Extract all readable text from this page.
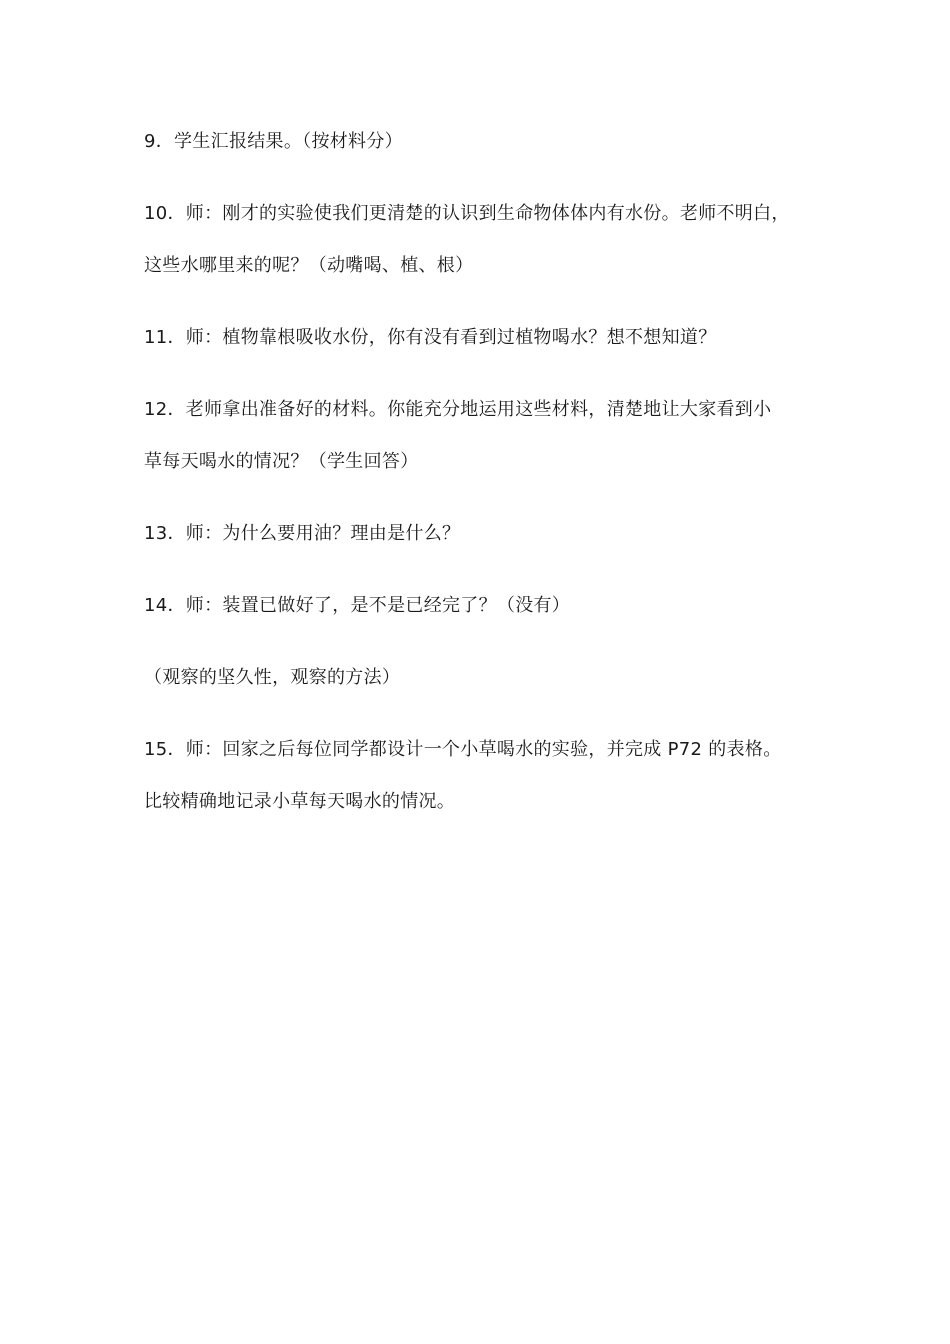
9．学生汇报结果。（按材料分）
10．师：刚才的实验使我们更清楚的认识到生命物体体内有水份。老师不明白，
这些水哪里来的呢？（动嘴喝、植、根）
11．师：植物靠根吸收水份，你有没有看到过植物喝水？想不想知道？
12．老师拿出准备好的材料。你能充分地运用这些材料，清楚地让大家看到小
草每天喝水的情况？（学生回答）
13．师：为什么要用油？理由是什么？
14．师：装置已做好了，是不是已经完了？（没有）
（观察的坚久性，观察的方法）
15．师：回家之后每位同学都设计一个小草喝水的实验，并完成 P72 的表格。
比较精确地记录小草每天喝水的情况。
